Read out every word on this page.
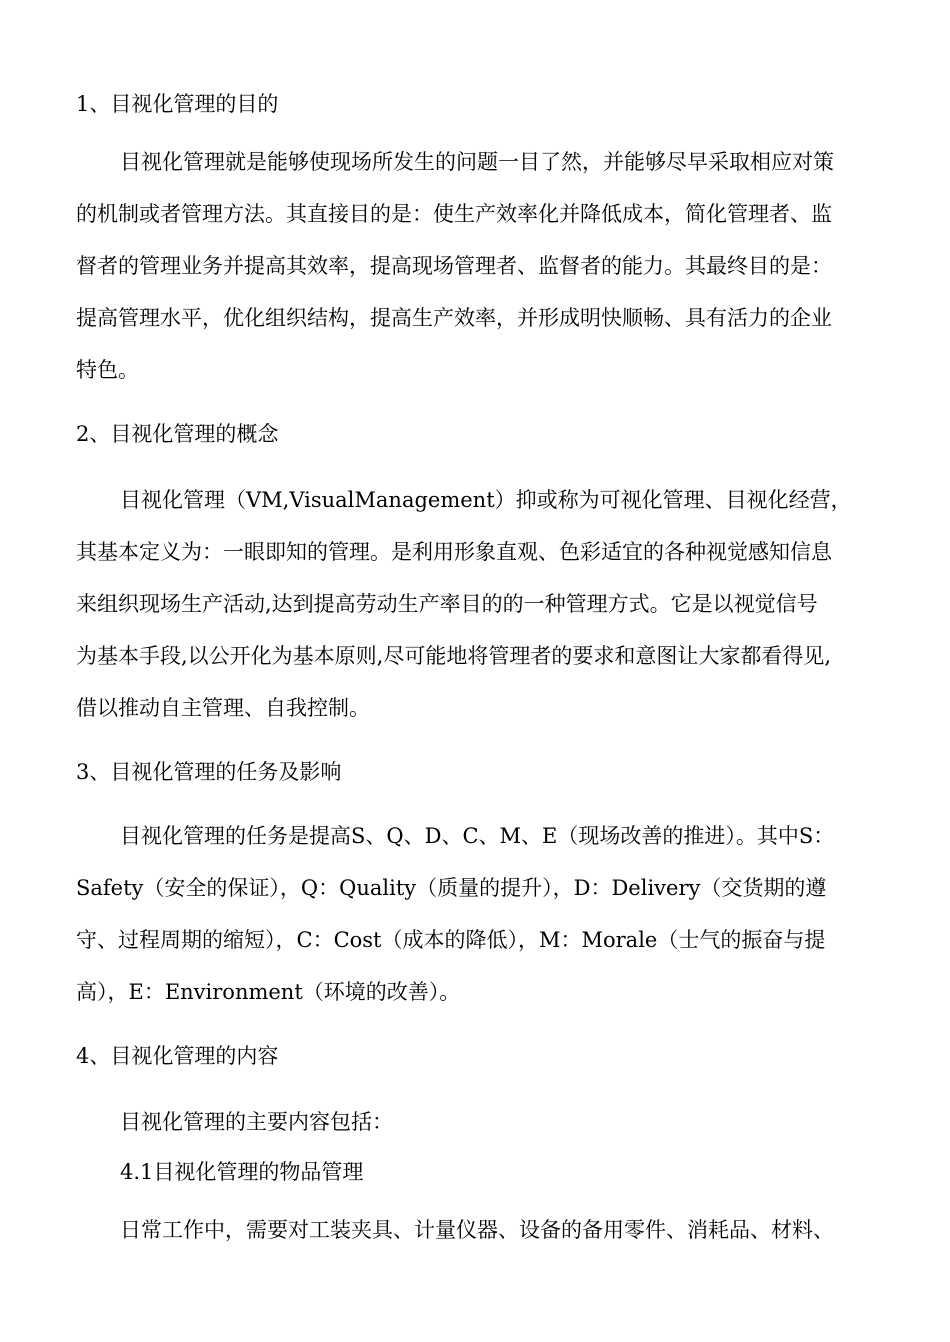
1、目视化管理的目的
目视化管理就是能够使现场所发生的问题一目了然，并能够尽早采取相应对策
的机制或者管理方法。其直接目的是：使生产效率化并降低成本，简化管理者、监
督者的管理业务并提高其效率，提高现场管理者、监督者的能力。其最终目的是：
提高管理水平，优化组织结构，提高生产效率，并形成明快顺畅、具有活力的企业
特色。
2、目视化管理的概念
目视化管理（VM,VisualManagement）抑或称为可视化管理、目视化经营，
其基本定义为：一眼即知的管理。是利用形象直观、色彩适宜的各种视觉感知信息
来组织现场生产活动,达到提高劳动生产率目的的一种管理方式。它是以视觉信号
为基本手段,以公开化为基本原则,尽可能地将管理者的要求和意图让大家都看得见,
借以推动自主管理、自我控制。
3、目视化管理的任务及影响
目视化管理的任务是提高S、Q、D、C、M、E（现场改善的推进）。其中S：
Safety（安全的保证），Q：Quality（质量的提升），D：Delivery（交货期的遵
守、过程周期的缩短），C：Cost（成本的降低），M：Morale（士气的振奋与提
高），E：Environment（环境的改善）。
4、目视化管理的内容
目视化管理的主要内容包括：
4.1目视化管理的物品管理
日常工作中，需要对工装夹具、计量仪器、设备的备用零件、消耗品、材料、
